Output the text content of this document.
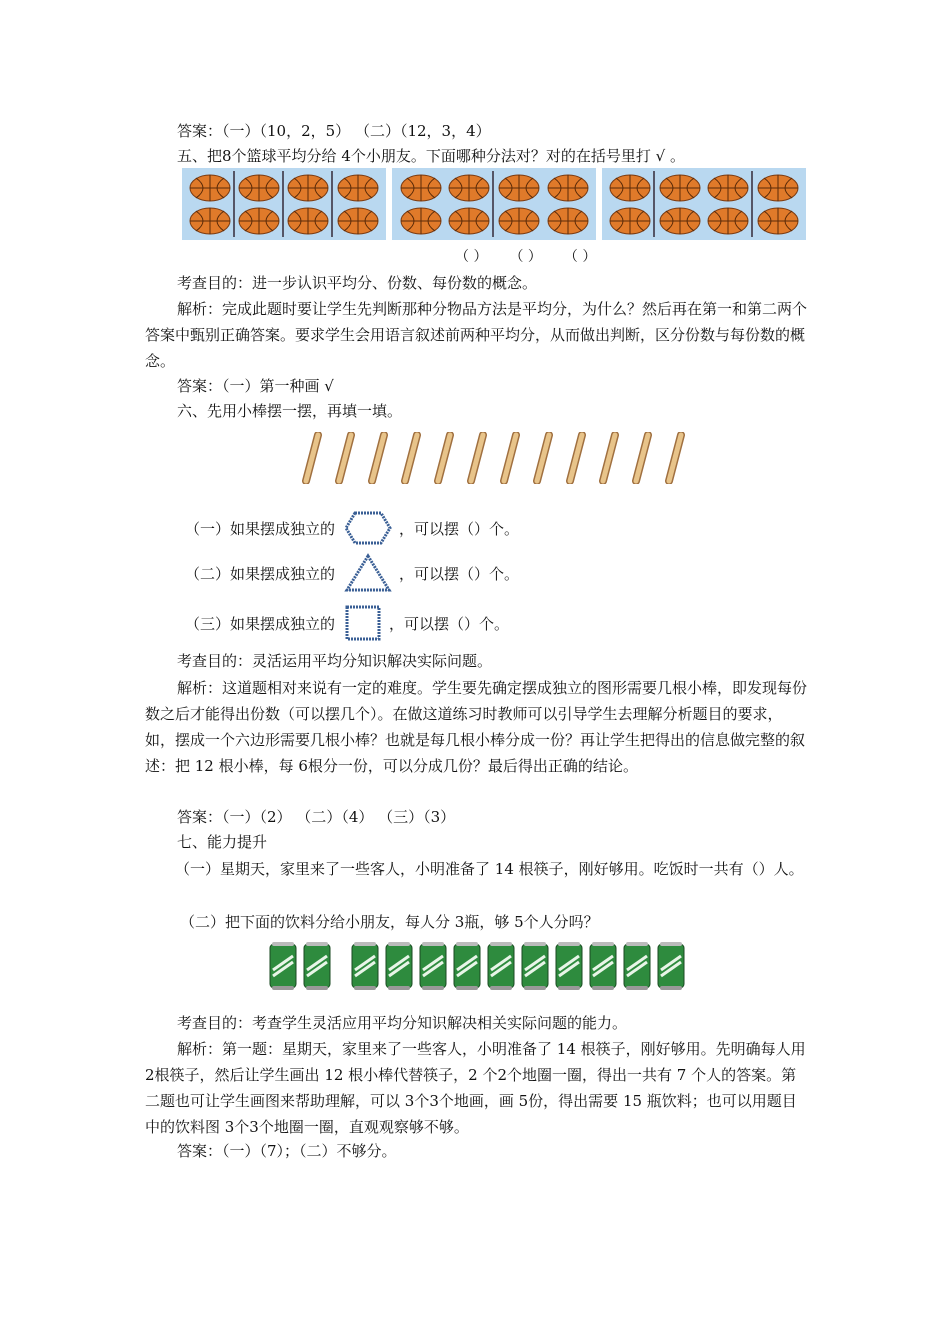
答案：（一）（10，2，5） （二）（12，3，4）
五、把8个篮球平均分给 4个小朋友。下面哪种分法对？对的在括号里打 √ 。
（ ） （ ） （ ）
考查目的：进一步认识平均分、份数、每份数的概念。
解析：完成此题时要让学生先判断那种分物品方法是平均分，为什么？然后再在第一和第二两个答案中甄别正确答案。要求学生会用语言叙述前两种平均分，从而做出判断，区分份数与每份数的概念。
答案：（一）第一种画 √
六、先用小棒摆一摆，再填一填。
（一）如果摆成独立的	，可以摆（）个。
（二）如果摆成独立的	，可以摆（）个。
（三）如果摆成独立的	，可以摆（）个。
考查目的：灵活运用平均分知识解决实际问题。
解析：这道题相对来说有一定的难度。学生要先确定摆成独立的图形需要几根小棒，即发现每份数之后才能得出份数（可以摆几个）。在做这道练习时教师可以引导学生去理解分析题目的要求，如，摆成一个六边形需要几根小棒？也就是每几根小棒分成一份？再让学生把得出的信息做完整的叙述：把 12 根小棒，每 6根分一份，可以分成几份？最后得出正确的结论。
答案：（一）（2） （二）（4） （三）（3）
七、能力提升
（一）星期天，家里来了一些客人，小明准备了 14 根筷子，刚好够用。吃饭时一共有（）人。
（二）把下面的饮料分给小朋友，每人分 3瓶，够 5个人分吗？
考查目的：考查学生灵活应用平均分知识解决相关实际问题的能力。
解析：第一题：星期天，家里来了一些客人，小明准备了 14 根筷子，刚好够用。先明确每人用 2根筷子，然后让学生画出 12 根小棒代替筷子，2 个2个地圈一圈，得出一共有 7 个人的答案。第二题也可让学生画图来帮助理解，可以 3个3个地画，画 5份，得出需要 15 瓶饮料；也可以用题目中的饮料图 3个3个地圈一圈，直观观察够不够。
答案：（一）（7）；（二）不够分。
